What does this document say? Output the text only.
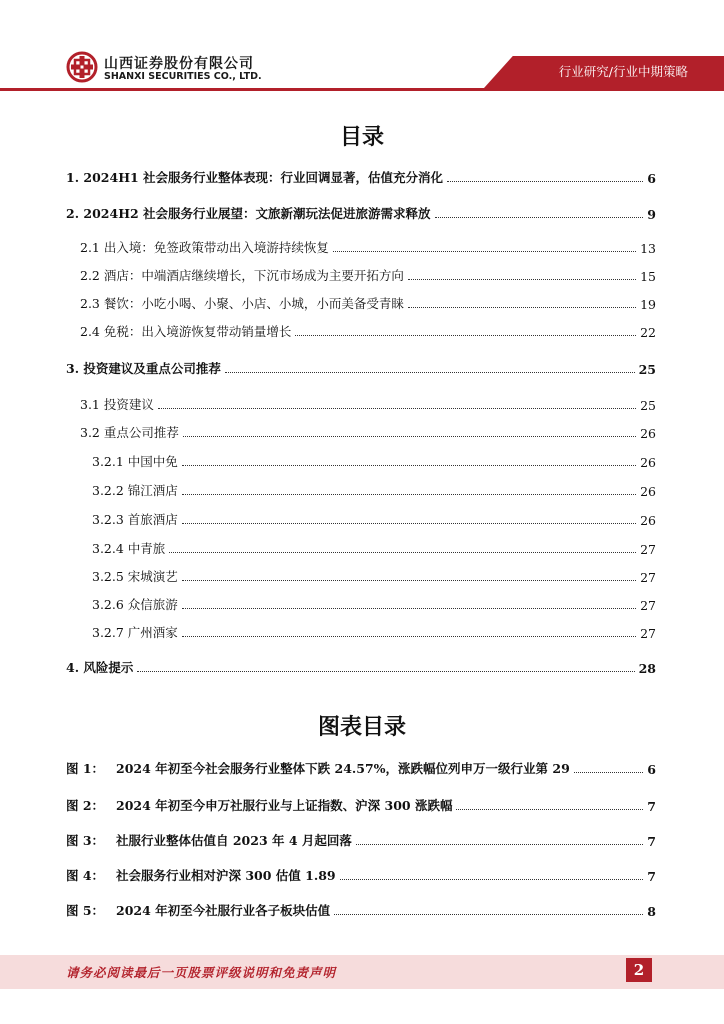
山西证券股份有限公司
SHANXI SECURITIES CO., LTD.	行业研究/行业中期策略
目录
1. 2024H1 社会服务行业整体表现：行业回调显著，估值充分消化	6
2. 2024H2 社会服务行业展望：文旅新潮玩法促进旅游需求释放	9
2.1 出入境：免签政策带动出入境游持续恢复	13
2.2 酒店：中端酒店继续增长，下沉市场成为主要开拓方向	15
2.3 餐饮：小吃小喝、小聚、小店、小城，小而美备受青睐	19
2.4 免税：出入境游恢复带动销量增长	22
3. 投资建议及重点公司推荐	25
3.1 投资建议	25
3.2 重点公司推荐	26
3.2.1 中国中免	26
3.2.2 锦江酒店	26
3.2.3 首旅酒店	26
3.2.4 中青旅	27
3.2.5 宋城演艺	27
3.2.6 众信旅游	27
3.2.7 广州酒家	27
4. 风险提示	28
图表目录
图 1： 2024 年初至今社会服务行业整体下跌 24.57%，涨跌幅位列申万一级行业第 29	6
图 2： 2024 年初至今申万社服行业与上证指数、沪深 300 涨跌幅	7
图 3： 社服行业整体估值自 2023 年 4 月起回落	7
图 4： 社会服务行业相对沪深 300 估值 1.89	7
图 5： 2024 年初至今社服行业各子板块估值	8
请务必阅读最后一页股票评级说明和免责声明	2
